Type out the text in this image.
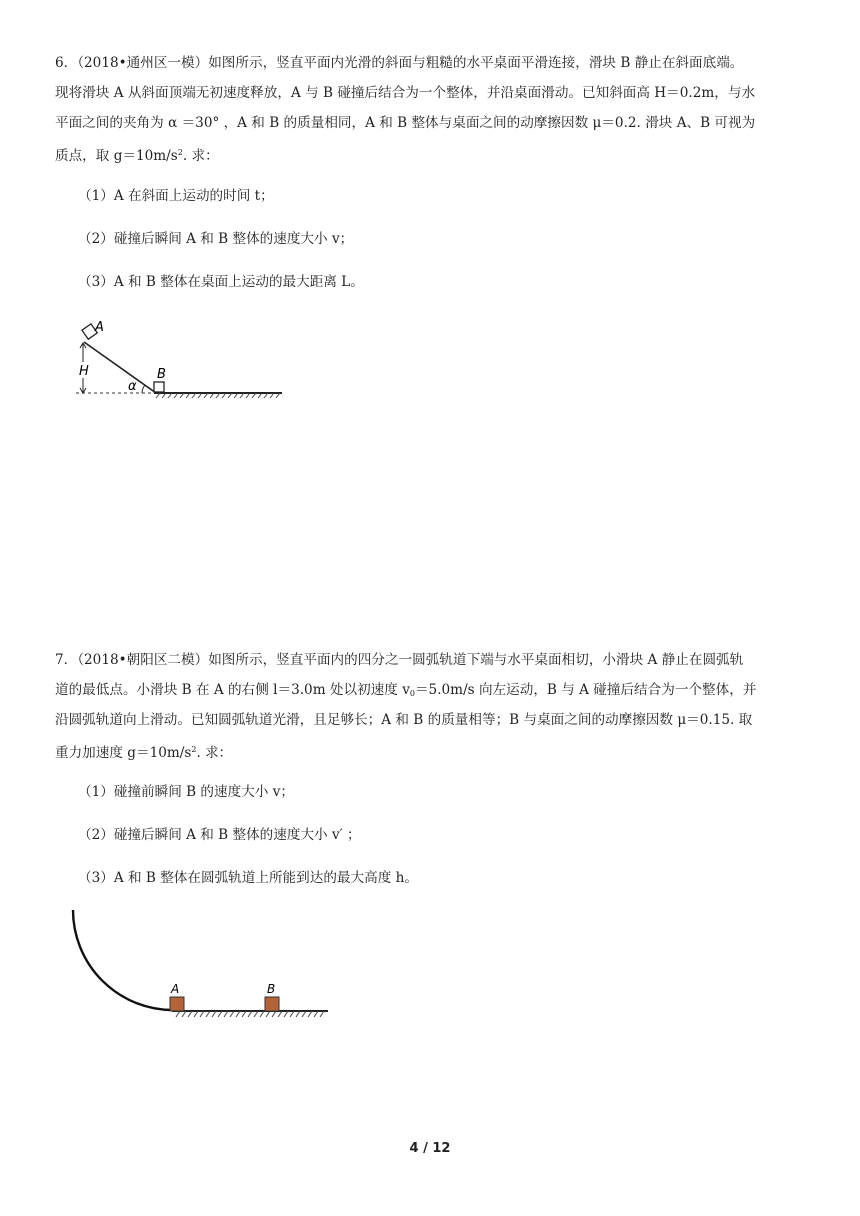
6．（2018•通州区一模）如图所示，竖直平面内光滑的斜面与粗糙的水平桌面平滑连接，滑块 B 静止在斜面底端。
现将滑块 A 从斜面顶端无初速度释放，A 与 B 碰撞后结合为一个整体，并沿桌面滑动。已知斜面高 H＝0.2m，与水
平面之间的夹角为 α ＝30° ，A 和 B 的质量相同，A 和 B 整体与桌面之间的动摩擦因数 μ＝0.2. 滑块 A、B 可视为
质点，取 $g=10m/s^2$. 求：
（1）A 在斜面上运动的时间 t；
（2）碰撞后瞬间 A 和 B 整体的速度大小 v；
（3）A 和 B 整体在桌面上运动的最大距离 L。
H
A
B
α
7．（2018•朝阳区二模）如图所示，竖直平面内的四分之一圆弧轨道下端与水平桌面相切，小滑块 A 静止在圆弧轨
道的最低点。小滑块 B 在 A 的右侧 l＝3.0m 处以初速度 $v_0=5.0m/s$ 向左运动，B 与 A 碰撞后结合为一个整体，并
沿圆弧轨道向上滑动。已知圆弧轨道光滑，且足够长；A 和 B 的质量相等；B 与桌面之间的动摩擦因数 μ＝0.15. 取
重力加速度 $g=10m/s^2$. 求：
（1）碰撞前瞬间 B 的速度大小 v；
（2）碰撞后瞬间 A 和 B 整体的速度大小 v′ ；
（3）A 和 B 整体在圆弧轨道上所能到达的最大高度 h。
A	B
4 / 12
